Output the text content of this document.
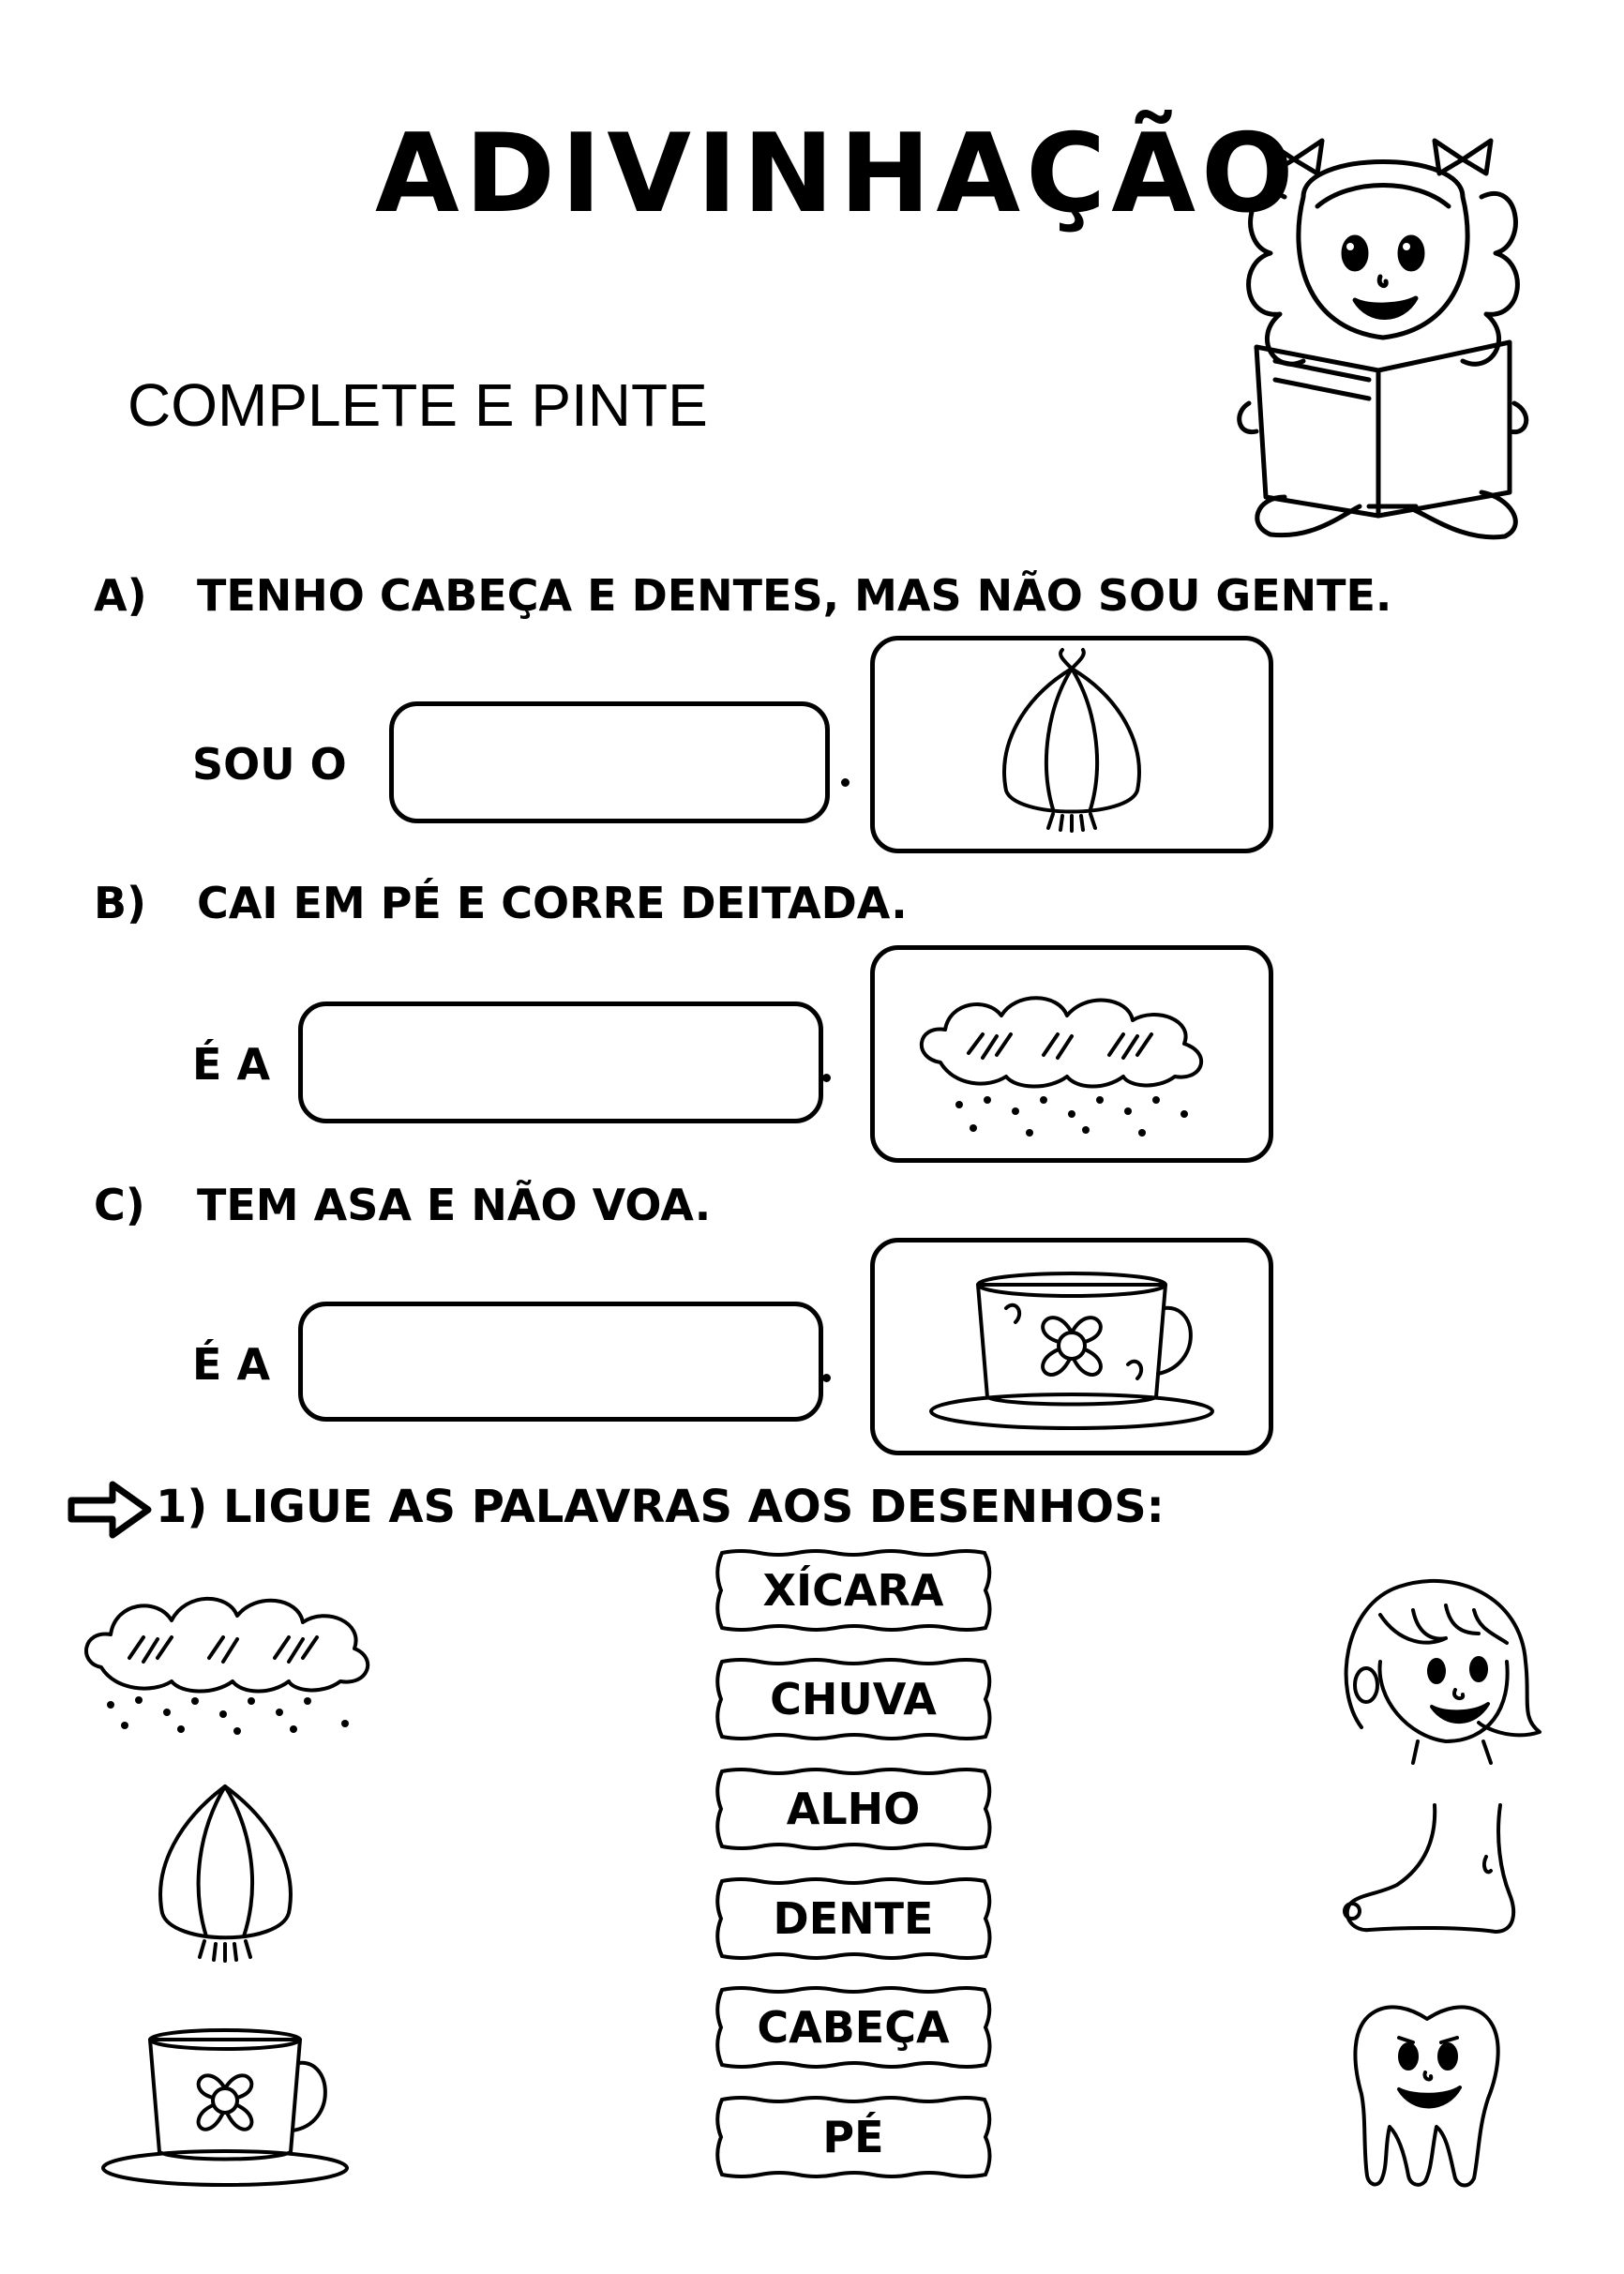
ADIVINHAÇÃO
COMPLETE E PINTE
A) TENHO CABEÇA E DENTES, MAS NÃO SOU GENTE.
SOU O
B) CAI EM PÉ E CORRE DEITADA.
É A
C) TEM ASA E NÃO VOA.
É A
1) LIGUE AS PALAVRAS AOS DESENHOS:
XÍCARA
CHUVA
ALHO
DENTE
CABEÇA
PÉ
